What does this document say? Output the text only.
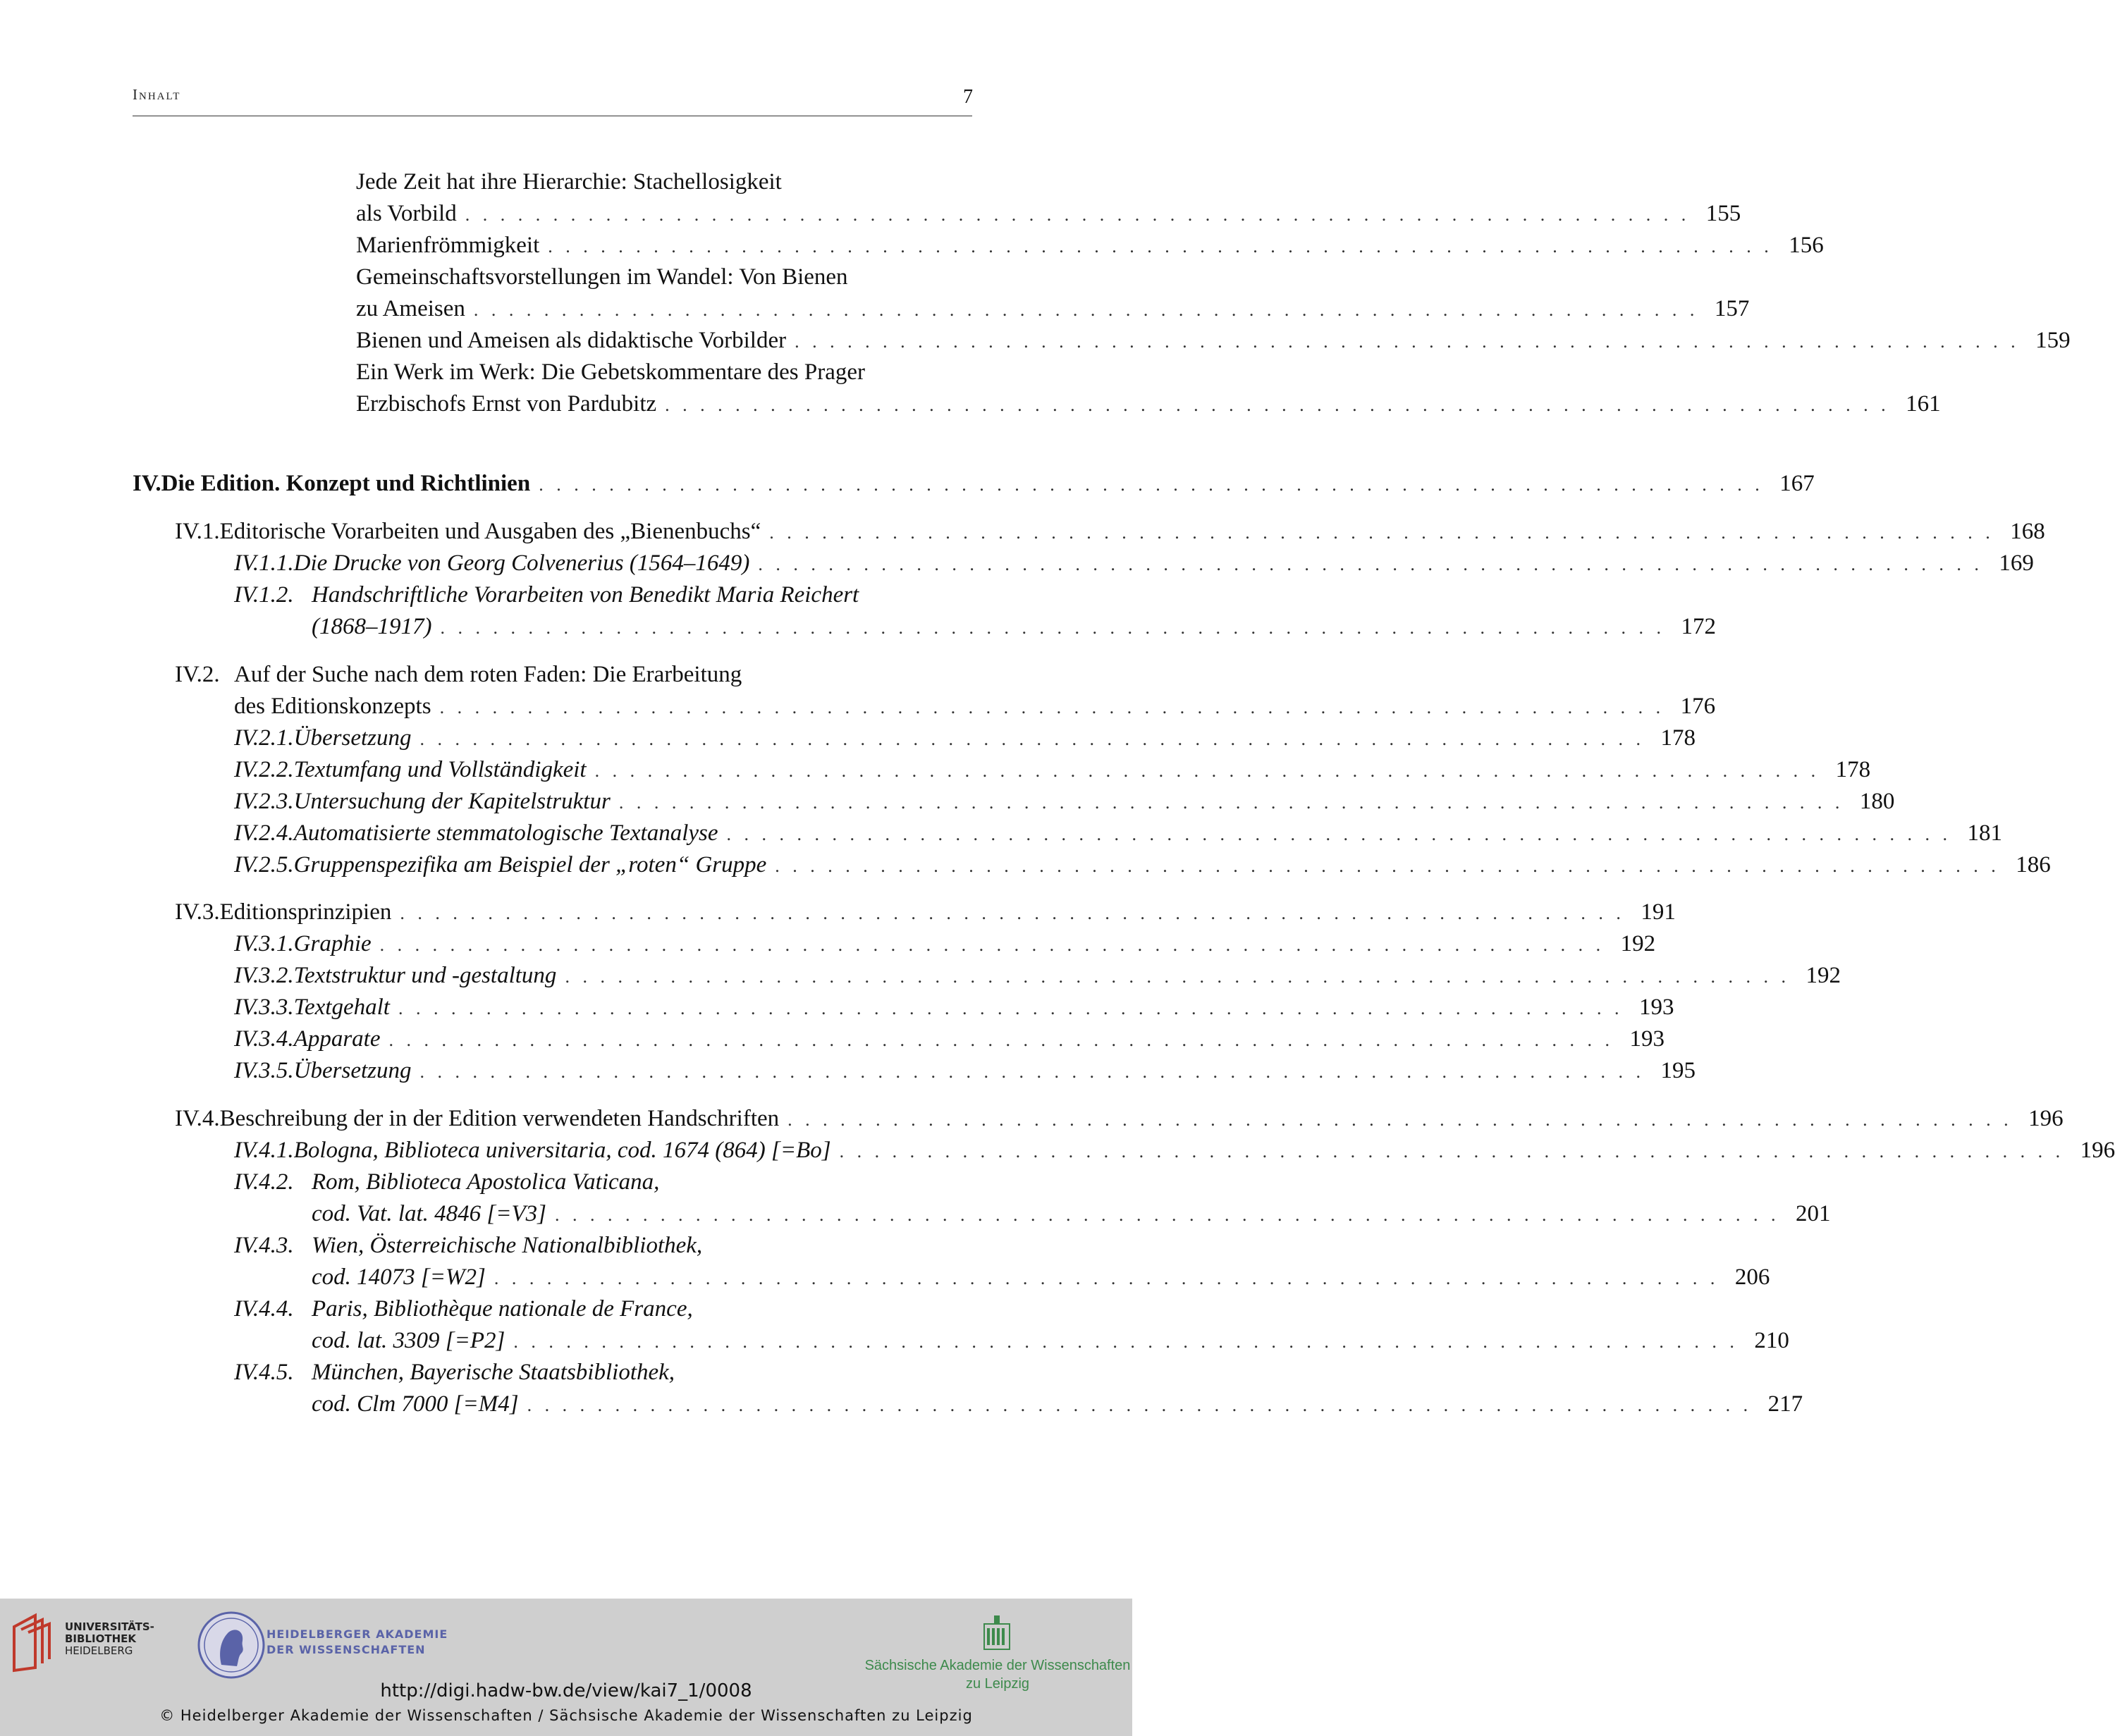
Inhalt	7
Jede Zeit hat ihre Hierarchie: Stachellosigkeit
als Vorbild . . . . . . . . . . . . . . . . . . . . . . . . . . . . . . . . . . . . . . . . . . . . . . . . . . . . . . . . . . . . . . . . . . . . . . 155
Marienfrömmigkeit . . . . . . . . . . . . . . . . . . . . . . . . . . . . . . . . . . . . . . . . . . . . . . . . . . . . . . . . . . . . . . . . . . . . . . 156
Gemeinschaftsvorstellungen im Wandel: Von Bienen
zu Ameisen . . . . . . . . . . . . . . . . . . . . . . . . . . . . . . . . . . . . . . . . . . . . . . . . . . . . . . . . . . . . . . . . . . . . . . 157
Bienen und Ameisen als didaktische Vorbilder . . . . . . . . . . . . . . . . . . . . . . . . . . . . . . . . . . . . . . . . . . . . . . . . . . . . . . . . . . . . . . . . . . . . . . 159
Ein Werk im Werk: Die Gebetskommentare des Prager
Erzbischofs Ernst von Pardubitz . . . . . . . . . . . . . . . . . . . . . . . . . . . . . . . . . . . . . . . . . . . . . . . . . . . . . . . . . . . . . . . . . . . . . . 161
IV. Die Edition. Konzept und Richtlinien . . . . . . . . . . . . . . . . . . . . . . . . . . . . . . . . . . . . . . . . . . . . . . . . . . . . . . . . . . . . . . . . . . . . . . 167
IV.1. Editorische Vorarbeiten und Ausgaben des „Bienenbuchs“ . . . . . . . . . . . . . . . . . . . . . . . . . . . . . . . . . . . . . . . . . . . . . . . . . . . . . . . . . . . . . . . . . . . . . . 168
IV.1.1. Die Drucke von Georg Colvenerius (1564–1649) . . . . . . . . . . . . . . . . . . . . . . . . . . . . . . . . . . . . . . . . . . . . . . . . . . . . . . . . . . . . . . . . . . . . . . 169
IV.1.2. Handschriftliche Vorarbeiten von Benedikt Maria Reichert
(1868–1917) . . . . . . . . . . . . . . . . . . . . . . . . . . . . . . . . . . . . . . . . . . . . . . . . . . . . . . . . . . . . . . . . . . . . . . 172
IV.2. Auf der Suche nach dem roten Faden: Die Erarbeitung
des Editionskonzepts . . . . . . . . . . . . . . . . . . . . . . . . . . . . . . . . . . . . . . . . . . . . . . . . . . . . . . . . . . . . . . . . . . . . . . 176
IV.2.1. Übersetzung . . . . . . . . . . . . . . . . . . . . . . . . . . . . . . . . . . . . . . . . . . . . . . . . . . . . . . . . . . . . . . . . . . . . . . 178
IV.2.2. Textumfang und Vollständigkeit . . . . . . . . . . . . . . . . . . . . . . . . . . . . . . . . . . . . . . . . . . . . . . . . . . . . . . . . . . . . . . . . . . . . . . 178
IV.2.3. Untersuchung der Kapitelstruktur . . . . . . . . . . . . . . . . . . . . . . . . . . . . . . . . . . . . . . . . . . . . . . . . . . . . . . . . . . . . . . . . . . . . . . 180
IV.2.4. Automatisierte stemmatologische Textanalyse . . . . . . . . . . . . . . . . . . . . . . . . . . . . . . . . . . . . . . . . . . . . . . . . . . . . . . . . . . . . . . . . . . . . . . 181
IV.2.5. Gruppenspezifika am Beispiel der „roten“ Gruppe . . . . . . . . . . . . . . . . . . . . . . . . . . . . . . . . . . . . . . . . . . . . . . . . . . . . . . . . . . . . . . . . . . . . . . 186
IV.3. Editionsprinzipien . . . . . . . . . . . . . . . . . . . . . . . . . . . . . . . . . . . . . . . . . . . . . . . . . . . . . . . . . . . . . . . . . . . . . . 191
IV.3.1. Graphie . . . . . . . . . . . . . . . . . . . . . . . . . . . . . . . . . . . . . . . . . . . . . . . . . . . . . . . . . . . . . . . . . . . . . . 192
IV.3.2. Textstruktur und -gestaltung . . . . . . . . . . . . . . . . . . . . . . . . . . . . . . . . . . . . . . . . . . . . . . . . . . . . . . . . . . . . . . . . . . . . . . 192
IV.3.3. Textgehalt . . . . . . . . . . . . . . . . . . . . . . . . . . . . . . . . . . . . . . . . . . . . . . . . . . . . . . . . . . . . . . . . . . . . . . 193
IV.3.4. Apparate . . . . . . . . . . . . . . . . . . . . . . . . . . . . . . . . . . . . . . . . . . . . . . . . . . . . . . . . . . . . . . . . . . . . . . 193
IV.3.5. Übersetzung . . . . . . . . . . . . . . . . . . . . . . . . . . . . . . . . . . . . . . . . . . . . . . . . . . . . . . . . . . . . . . . . . . . . . . 195
IV.4. Beschreibung der in der Edition verwendeten Handschriften . . . . . . . . . . . . . . . . . . . . . . . . . . . . . . . . . . . . . . . . . . . . . . . . . . . . . . . . . . . . . . . . . . . . . . 196
IV.4.1. Bologna, Biblioteca universitaria, cod. 1674 (864) [=Bo] . . . . . . . . . . . . . . . . . . . . . . . . . . . . . . . . . . . . . . . . . . . . . . . . . . . . . . . . . . . . . . . . . . . . . . 196
IV.4.2. Rom, Biblioteca Apostolica Vaticana,
cod. Vat. lat. 4846 [=V3] . . . . . . . . . . . . . . . . . . . . . . . . . . . . . . . . . . . . . . . . . . . . . . . . . . . . . . . . . . . . . . . . . . . . . . 201
IV.4.3. Wien, Österreichische Nationalbibliothek,
cod. 14073 [=W2] . . . . . . . . . . . . . . . . . . . . . . . . . . . . . . . . . . . . . . . . . . . . . . . . . . . . . . . . . . . . . . . . . . . . . . 206
IV.4.4. Paris, Bibliothèque nationale de France,
cod. lat. 3309 [=P2] . . . . . . . . . . . . . . . . . . . . . . . . . . . . . . . . . . . . . . . . . . . . . . . . . . . . . . . . . . . . . . . . . . . . . . 210
IV.4.5. München, Bayerische Staatsbibliothek,
cod. Clm 7000 [=M4] . . . . . . . . . . . . . . . . . . . . . . . . . . . . . . . . . . . . . . . . . . . . . . . . . . . . . . . . . . . . . . . . . . . . . . 217
UNIVERSITÄTS-
BIBLIOTHEK
HEIDELBERG
HEIDELBERGER AKADEMIE
DER WISSENSCHAFTEN
Sächsische Akademie der Wissenschaften
zu Leipzig
http://digi.hadw-bw.de/view/kai7_1/0008
© Heidelberger Akademie der Wissenschaften / Sächsische Akademie der Wissenschaften zu Leipzig
